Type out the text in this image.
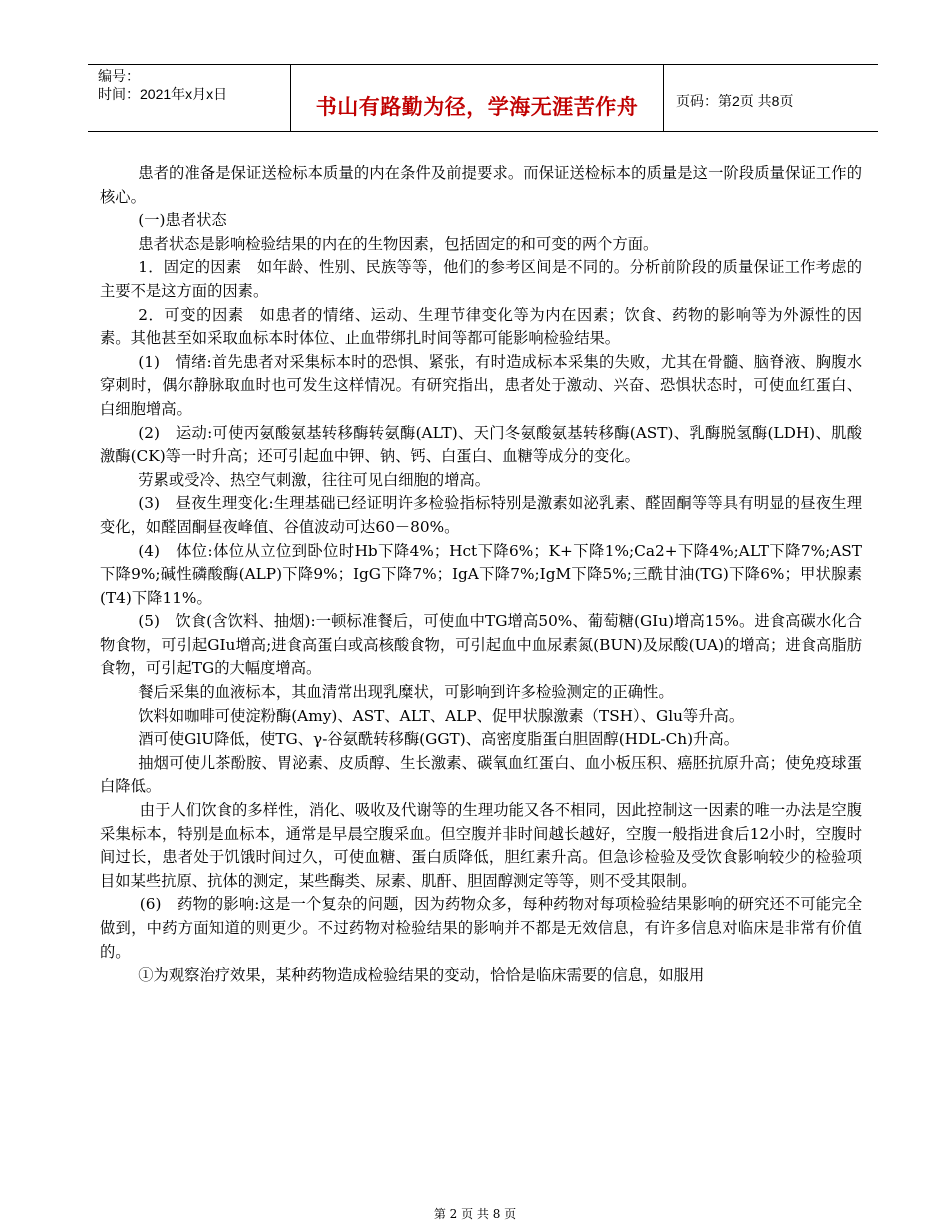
编号：
时间：2021年x月x日
书山有路勤为径，学海无涯苦作舟	页码：第2页 共8页

患者的准备是保证送检标本质量的内在条件及前提要求。而保证送检标本的质量是这一阶段质量保证工作的核心。

(一)患者状态

患者状态是影响检验结果的内在的生物因素，包括固定的和可变的两个方面。

1．固定的因素　如年龄、性别、民族等等，他们的参考区间是不同的。分析前阶段的质量保证工作考虑的主要不是这方面的因素。

2．可变的因素　如患者的情绪、运动、生理节律变化等为内在因素；饮食、药物的影响等为外源性的因素。其他甚至如采取血标本时体位、止血带绑扎时间等都可能影响检验结果。

(1)　情绪:首先患者对采集标本时的恐惧、紧张，有时造成标本采集的失败，尤其在骨髓、脑脊液、胸腹水穿刺时，偶尔静脉取血时也可发生这样情况。有研究指出，患者处于激动、兴奋、恐惧状态时，可使血红蛋白、白细胞增高。

(2)　运动:可使丙氨酸氨基转移酶转氨酶(ALT)、天门冬氨酸氨基转移酶(AST)、乳酶脱氢酶(LDH)、肌酸激酶(CK)等一时升高；还可引起血中钾、钠、钙、白蛋白、血糖等成分的变化。

劳累或受冷、热空气刺激，往往可见白细胞的增高。

(3)　昼夜生理变化:生理基础已经证明许多检验指标特别是激素如泌乳素、醛固酮等等具有明显的昼夜生理变化，如醛固酮昼夜峰值、谷值波动可达60－80%。

(4)　体位:体位从立位到卧位时Hb下降4%；Hct下降6%；K+下降1%;Ca2+下降4%;ALT下降7%;AST下降9%;碱性磷酸酶(ALP)下降9%；IgG下降7%；IgA下降7%;IgM下降5%;三酰甘油(TG)下降6%；甲状腺素(T4)下降11%。

(5)　饮食(含饮料、抽烟):一顿标准餐后，可使血中TG增高50%、葡萄糖(GIu)增高15%。进食高碳水化合物食物，可引起GIu增高;进食高蛋白或高核酸食物，可引起血中血尿素氮(BUN)及尿酸(UA)的增高；进食高脂肪食物，可引起TG的大幅度增高。

餐后采集的血液标本，其血清常出现乳糜状，可影响到许多检验测定的正确性。

饮料如咖啡可使淀粉酶(Amy)、AST、ALT、ALP、促甲状腺激素（TSH）、Glu等升高。

酒可使GlU降低，使TG、γ-谷氨酰转移酶(GGT)、高密度脂蛋白胆固醇(HDL-Ch)升高。

抽烟可使儿茶酚胺、胃泌素、皮质醇、生长激素、碳氧血红蛋白、血小板压积、癌胚抗原升高；使免疫球蛋白降低。

由于人们饮食的多样性，消化、吸收及代谢等的生理功能又各不相同，因此控制这一因素的唯一办法是空腹采集标本，特别是血标本，通常是早晨空腹采血。但空腹并非时间越长越好，空腹一般指进食后12小时，空腹时间过长，患者处于饥饿时间过久，可使血糖、蛋白质降低，胆红素升高。但急诊检验及受饮食影响较少的检验项目如某些抗原、抗体的测定，某些酶类、尿素、肌酐、胆固醇测定等等，则不受其限制。

(6)　药物的影响:这是一个复杂的问题，因为药物众多，每种药物对每项检验结果影响的研究还不可能完全做到，中药方面知道的则更少。不过药物对检验结果的影响并不都是无效信息，有许多信息对临床是非常有价值的。

①为观察治疗效果，某种药物造成检验结果的变动，恰恰是临床需要的信息，如服用

第 2 页 共 8 页
